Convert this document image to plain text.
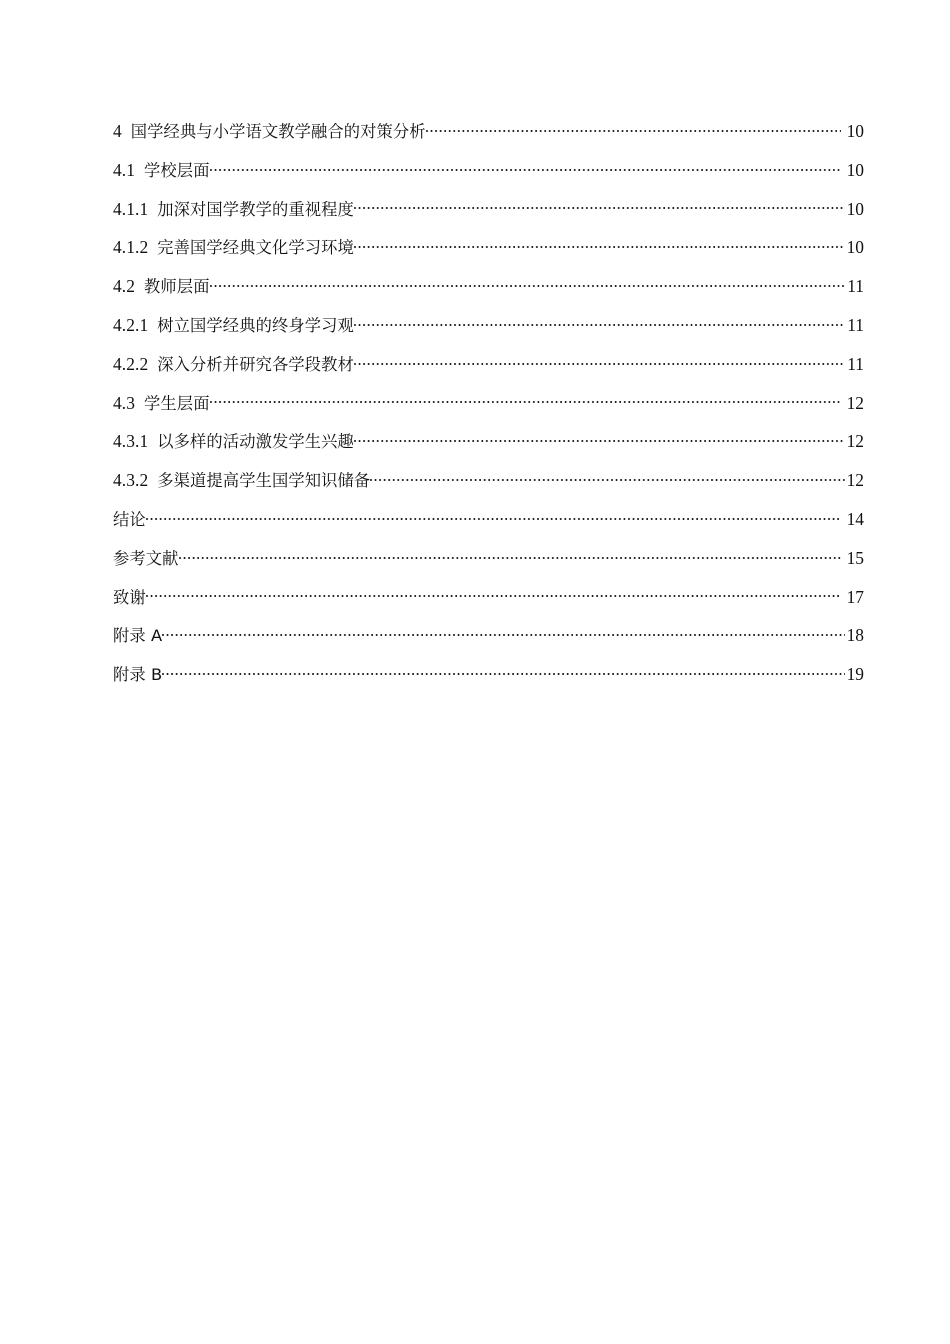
4 国学经典与小学语文教学融合的对策分析	10
4.1 学校层面	10
4.1.1 加深对国学教学的重视程度	10
4.1.2 完善国学经典文化学习环境	10
4.2 教师层面	11
4.2.1 树立国学经典的终身学习观	11
4.2.2 深入分析并研究各学段教材	11
4.3 学生层面	12
4.3.1 以多样的活动激发学生兴趣	12
4.3.2 多渠道提高学生国学知识储备	12
结论	14
参考文献	15
致谢	17
附录 A	18
附录 B	19
